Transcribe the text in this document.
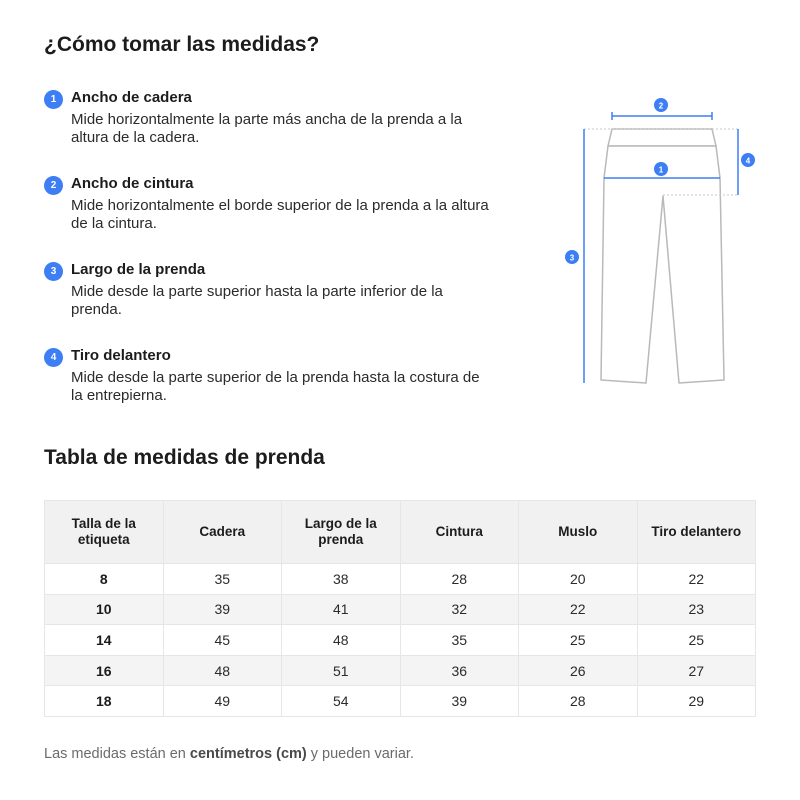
¿Cómo tomar las medidas?
1 Ancho de cadera
Mide horizontalmente la parte más ancha de la prenda a la altura de la cadera.
2 Ancho de cintura
Mide horizontalmente el borde superior de la prenda a la altura de la cintura.
3 Largo de la prenda
Mide desde la parte superior hasta la parte inferior de la prenda.
4 Tiro delantero
Mide desde la parte superior de la prenda hasta la costura de la entrepierna.
1
2
3
4
Tabla de medidas de prenda
Talla de la etiqueta	Cadera	Largo de la prenda	Cintura	Muslo	Tiro delantero
8	35	38	28	20	22
10	39	41	32	22	23
14	45	48	35	25	25
16	48	51	36	26	27
18	49	54	39	28	29
Las medidas están en centímetros (cm) y pueden variar.
